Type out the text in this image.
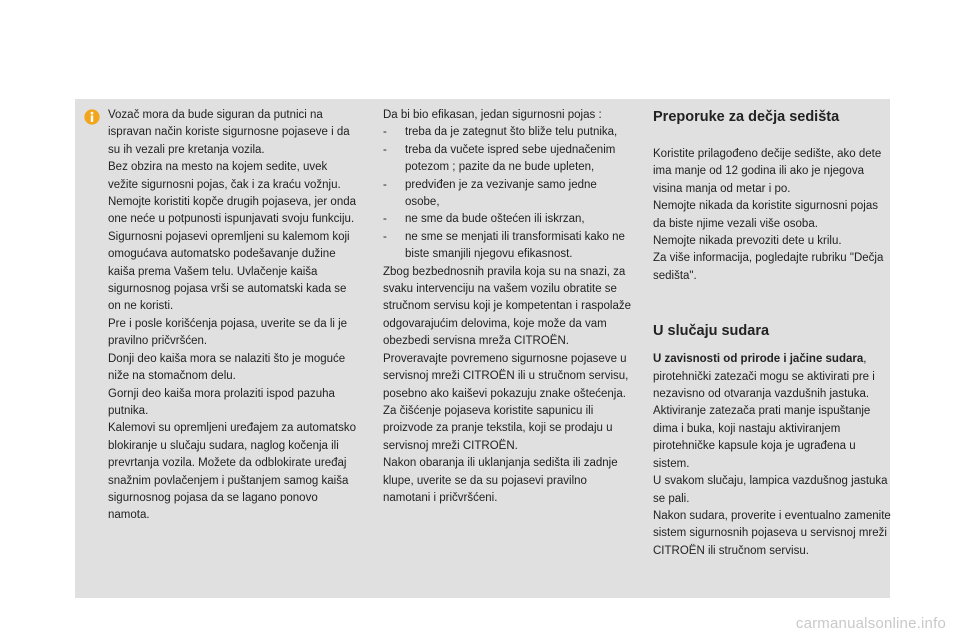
Vozač mora da bude siguran da putnici na ispravan način koriste sigurnosne pojaseve i da su ih vezali pre kretanja vozila.

Bez obzira na mesto na kojem sedite, uvek vežite sigurnosni pojas, čak i za kraću vožnju.

Nemojte koristiti kopče drugih pojaseva, jer onda one neće u potpunosti ispunjavati svoju funkciju.

Sigurnosni pojasevi opremljeni su kalemom koji omogućava automatsko podešavanje dužine kaiša prema Vašem telu. Uvlačenje kaiša sigurnosnog pojasa vrši se automatski kada se on ne koristi.

Pre i posle korišćenja pojasa, uverite se da li je pravilno pričvršćen.

Donji deo kaiša mora se nalaziti što je moguće niže na stomačnom delu.

Gornji deo kaiša mora prolaziti ispod pazuha putnika.

Kalemovi su opremljeni uređajem za automatsko blokiranje u slučaju sudara, naglog kočenja ili prevrtanja vozila. Možete da odblokirate uređaj snažnim povlačenjem i puštanjem samog kaiša sigurnosnog pojasa da se lagano ponovo namota.

Da bi bio efikasan, jedan sigurnosni pojas :

- treba da je zategnut što bliže telu putnika,
- treba da vučete ispred sebe ujednačenim potezom ; pazite da ne bude upleten,
- predviđen je za vezivanje samo jedne osobe,
- ne sme da bude oštećen ili iskrzan,
- ne sme se menjati ili transformisati kako ne biste smanjili njegovu efikasnost.

Zbog bezbednosnih pravila koja su na snazi, za svaku intervenciju na vašem vozilu obratite se stručnom servisu koji je kompetentan i raspolaže odgovarajućim delovima, koje može da vam obezbedi servisna mreža CITROËN.

Proveravajte povremeno sigurnosne pojaseve u servisnoj mreži CITROËN ili u stručnom servisu, posebno ako kaiševi pokazuju znake oštećenja.

Za čišćenje pojaseva koristite sapunicu ili proizvode za pranje tekstila, koji se prodaju u servisnoj mreži CITROËN.

Nakon obaranja ili uklanjanja sedišta ili zadnje klupe, uverite se da su pojasevi pravilno namotani i pričvršćeni.

Preporuke za dečja sedišta

Koristite prilagođeno dečije sedište, ako dete ima manje od 12 godina ili ako je njegova visina manja od metar i po.

Nemojte nikada da koristite sigurnosni pojas da biste njime vezali više osoba.

Nemojte nikada prevoziti dete u krilu.

Za više informacija, pogledajte rubriku "Dečja sedišta".

U slučaju sudara

U zavisnosti od prirode i jačine sudara, pirotehnički zatezači mogu se aktivirati pre i nezavisno od otvaranja vazdušnih jastuka. Aktiviranje zatezača prati manje ispuštanje dima i buka, koji nastaju aktiviranjem pirotehničke kapsule koja je ugrađena u sistem.

U svakom slučaju, lampica vazdušnog jastuka se pali.

Nakon sudara, proverite i eventualno zamenite sistem sigurnosnih pojaseva u servisnoj mreži CITROËN ili stručnom servisu.

carmanualsonline.info
